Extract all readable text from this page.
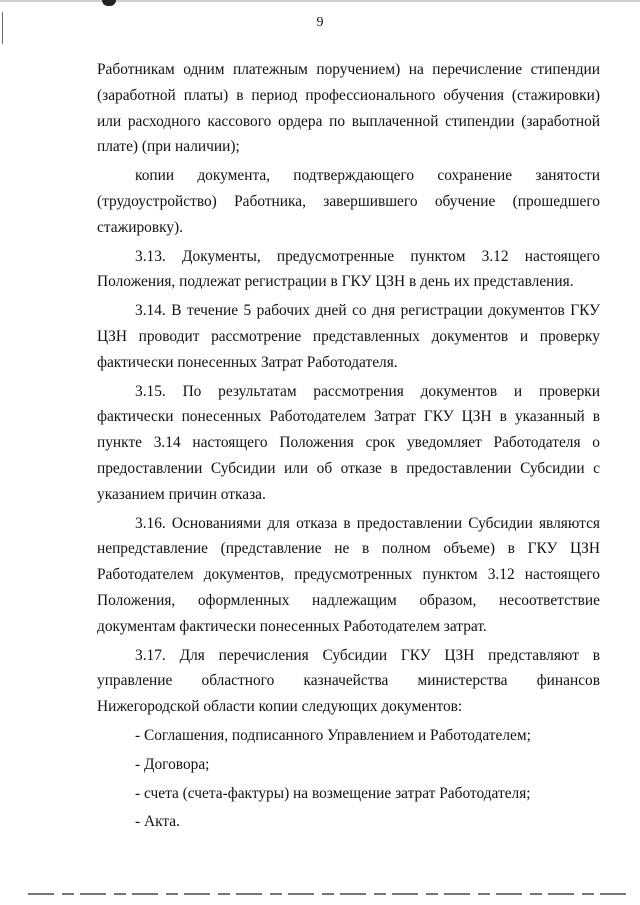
9

Работникам одним платежным поручением) на перечисление стипендии (заработной платы) в период профессионального обучения (стажировки) или расходного кассового ордера по выплаченной стипендии (заработной плате) (при наличии);

копии документа, подтверждающего сохранение занятости (трудоустройство) Работника, завершившего обучение (прошедшего стажировку).

3.13. Документы, предусмотренные пунктом 3.12 настоящего Положения, подлежат регистрации в ГКУ ЦЗН в день их представления.

3.14. В течение 5 рабочих дней со дня регистрации документов ГКУ ЦЗН проводит рассмотрение представленных документов и проверку фактически понесенных Затрат Работодателя.

3.15. По результатам рассмотрения документов и проверки фактически понесенных Работодателем Затрат ГКУ ЦЗН в указанный в пункте 3.14 настоящего Положения срок уведомляет Работодателя о предоставлении Субсидии или об отказе в предоставлении Субсидии с указанием причин отказа.

3.16. Основаниями для отказа в предоставлении Субсидии являются непредставление (представление не в полном объеме) в ГКУ ЦЗН Работодателем документов, предусмотренных пунктом 3.12 настоящего Положения, оформленных надлежащим образом, несоответствие документам фактически понесенных Работодателем затрат.

3.17. Для перечисления Субсидии ГКУ ЦЗН представляют в управление областного казначейства министерства финансов Нижегородской области копии следующих документов:

- Соглашения, подписанного Управлением и Работодателем;

- Договора;

- счета (счета-фактуры) на возмещение затрат Работодателя;

- Акта.
